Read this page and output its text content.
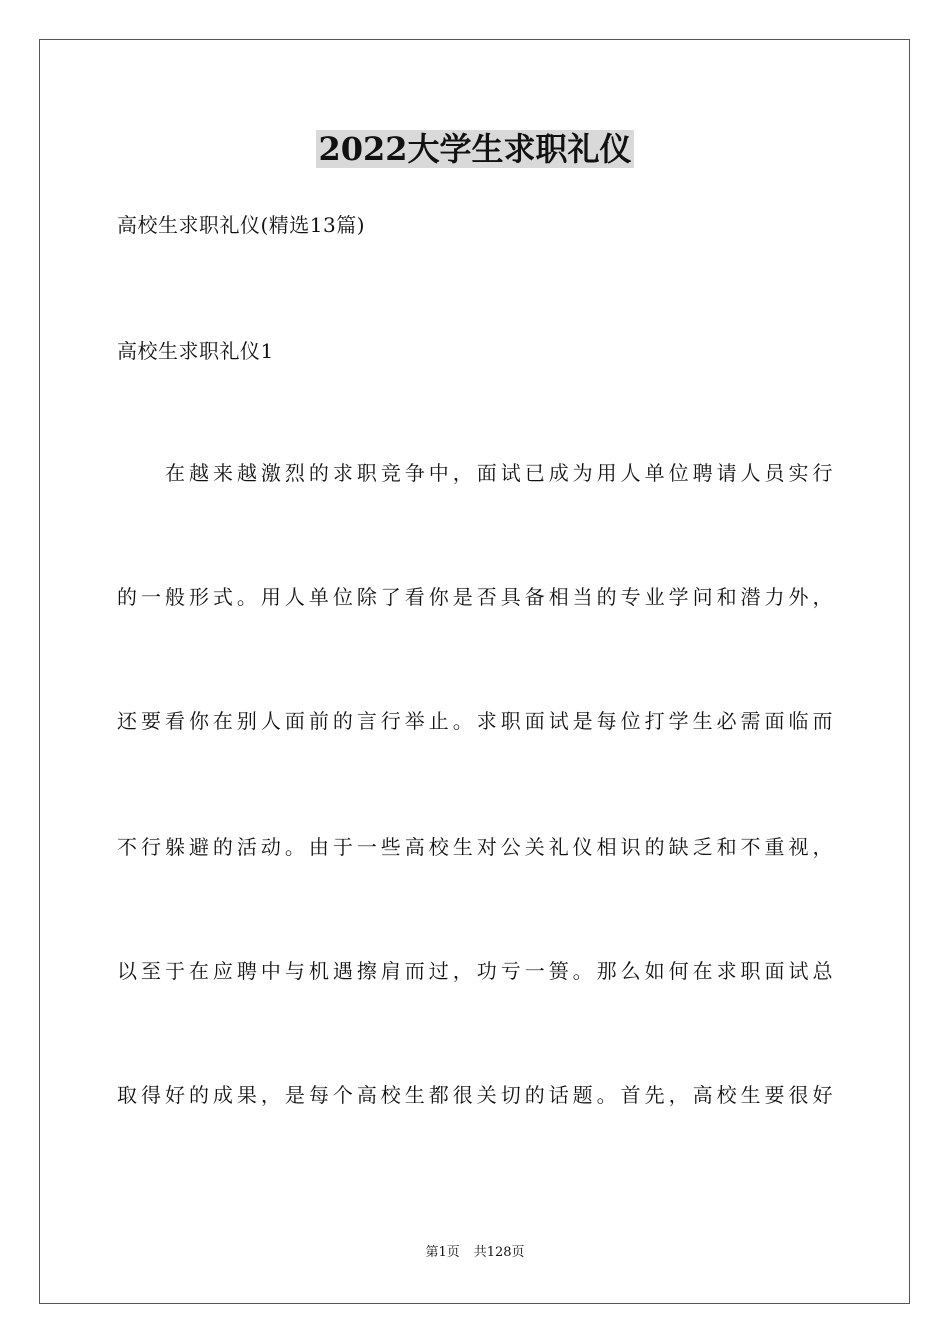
2022大学生求职礼仪
高校生求职礼仪(精选13篇)
高校生求职礼仪1
在越来越激烈的求职竞争中，面试已成为用人单位聘请人员实行
的一般形式。用人单位除了看你是否具备相当的专业学问和潜力外，
还要看你在别人面前的言行举止。求职面试是每位打学生必需面临而
不行躲避的活动。由于一些高校生对公关礼仪相识的缺乏和不重视，
以至于在应聘中与机遇擦肩而过，功亏一篑。那么如何在求职面试总
取得好的成果，是每个高校生都很关切的话题。首先，高校生要很好
第1页 共128页
